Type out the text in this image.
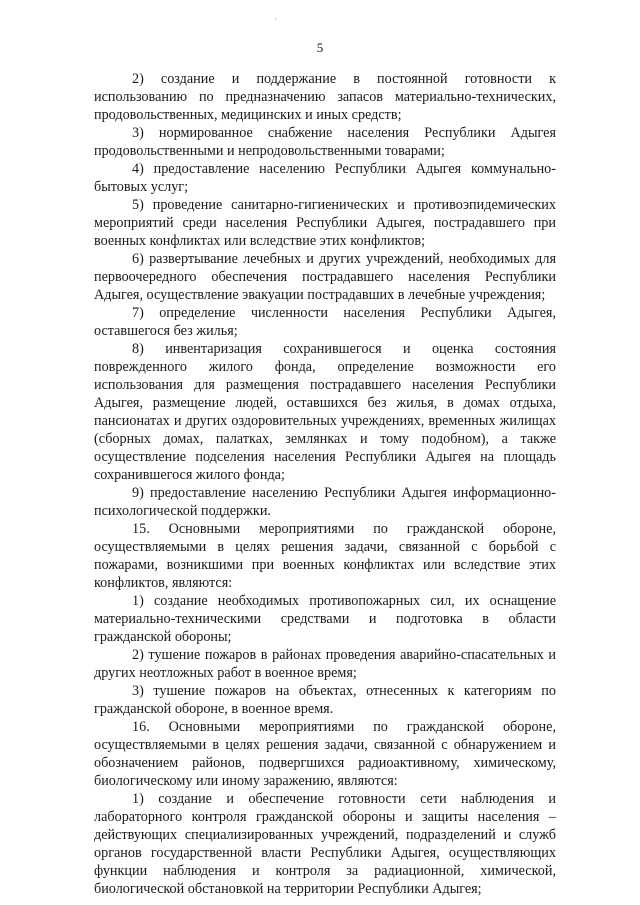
5

2) создание и поддержание в постоянной готовности к использованию по предназначению запасов материально-технических, продовольственных, медицинских и иных средств;

3) нормированное снабжение населения Республики Адыгея продовольственными и непродовольственными товарами;

4) предоставление населению Республики Адыгея коммунально-бытовых услуг;

5) проведение санитарно-гигиенических и противоэпидемических мероприятий среди населения Республики Адыгея, пострадавшего при военных конфликтах или вследствие этих конфликтов;

6) развертывание лечебных и других учреждений, необходимых для первоочередного обеспечения пострадавшего населения Республики Адыгея, осуществление эвакуации пострадавших в лечебные учреждения;

7) определение численности населения Республики Адыгея, оставшегося без жилья;

8) инвентаризация сохранившегося и оценка состояния поврежденного жилого фонда, определение возможности его использования для размещения пострадавшего населения Республики Адыгея, размещение людей, оставшихся без жилья, в домах отдыха, пансионатах и других оздоровительных учреждениях, временных жилищах (сборных домах, палатках, землянках и тому подобном), а также осуществление подселения населения Республики Адыгея на площадь сохранившегося жилого фонда;

9) предоставление населению Республики Адыгея информационно-психологической поддержки.

15. Основными мероприятиями по гражданской обороне, осуществляемыми в целях решения задачи, связанной с борьбой с пожарами, возникшими при военных конфликтах или вследствие этих конфликтов, являются:

1) создание необходимых противопожарных сил, их оснащение материально-техническими средствами и подготовка в области гражданской обороны;

2) тушение пожаров в районах проведения аварийно-спасательных и других неотложных работ в военное время;

3) тушение пожаров на объектах, отнесенных к категориям по гражданской обороне, в военное время.

16. Основными мероприятиями по гражданской обороне, осуществляемыми в целях решения задачи, связанной с обнаружением и обозначением районов, подвергшихся радиоактивному, химическому, биологическому или иному заражению, являются:

1) создание и обеспечение готовности сети наблюдения и лабораторного контроля гражданской обороны и защиты населения – действующих специализированных учреждений, подразделений и служб органов государственной власти Республики Адыгея, осуществляющих функции наблюдения и контроля за радиационной, химической, биологической обстановкой на территории Республики Адыгея;
